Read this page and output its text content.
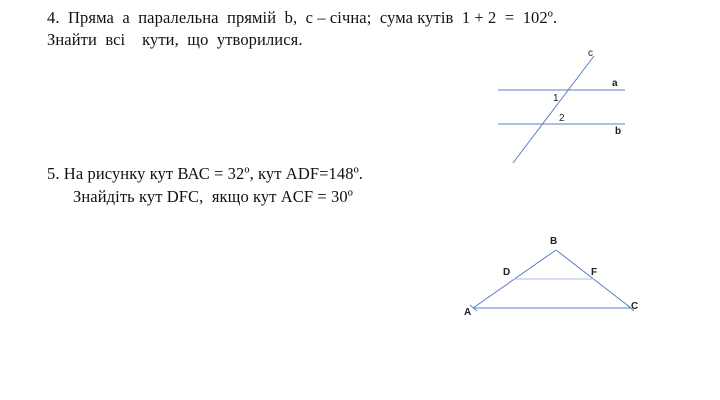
4.  Пряма  а  паралельна  прямій  b,  с – січна;  сума кутів  1 + 2  =  102º.
Знайти  всі    кути,  що  утворилися.
5. На рисунку кут ВАС = 32º, кут ADF=148º.
Знайдіть кут DFC,  якщо кут ACF = 30º
c
a
b
1
2
B
D	F
A
C
